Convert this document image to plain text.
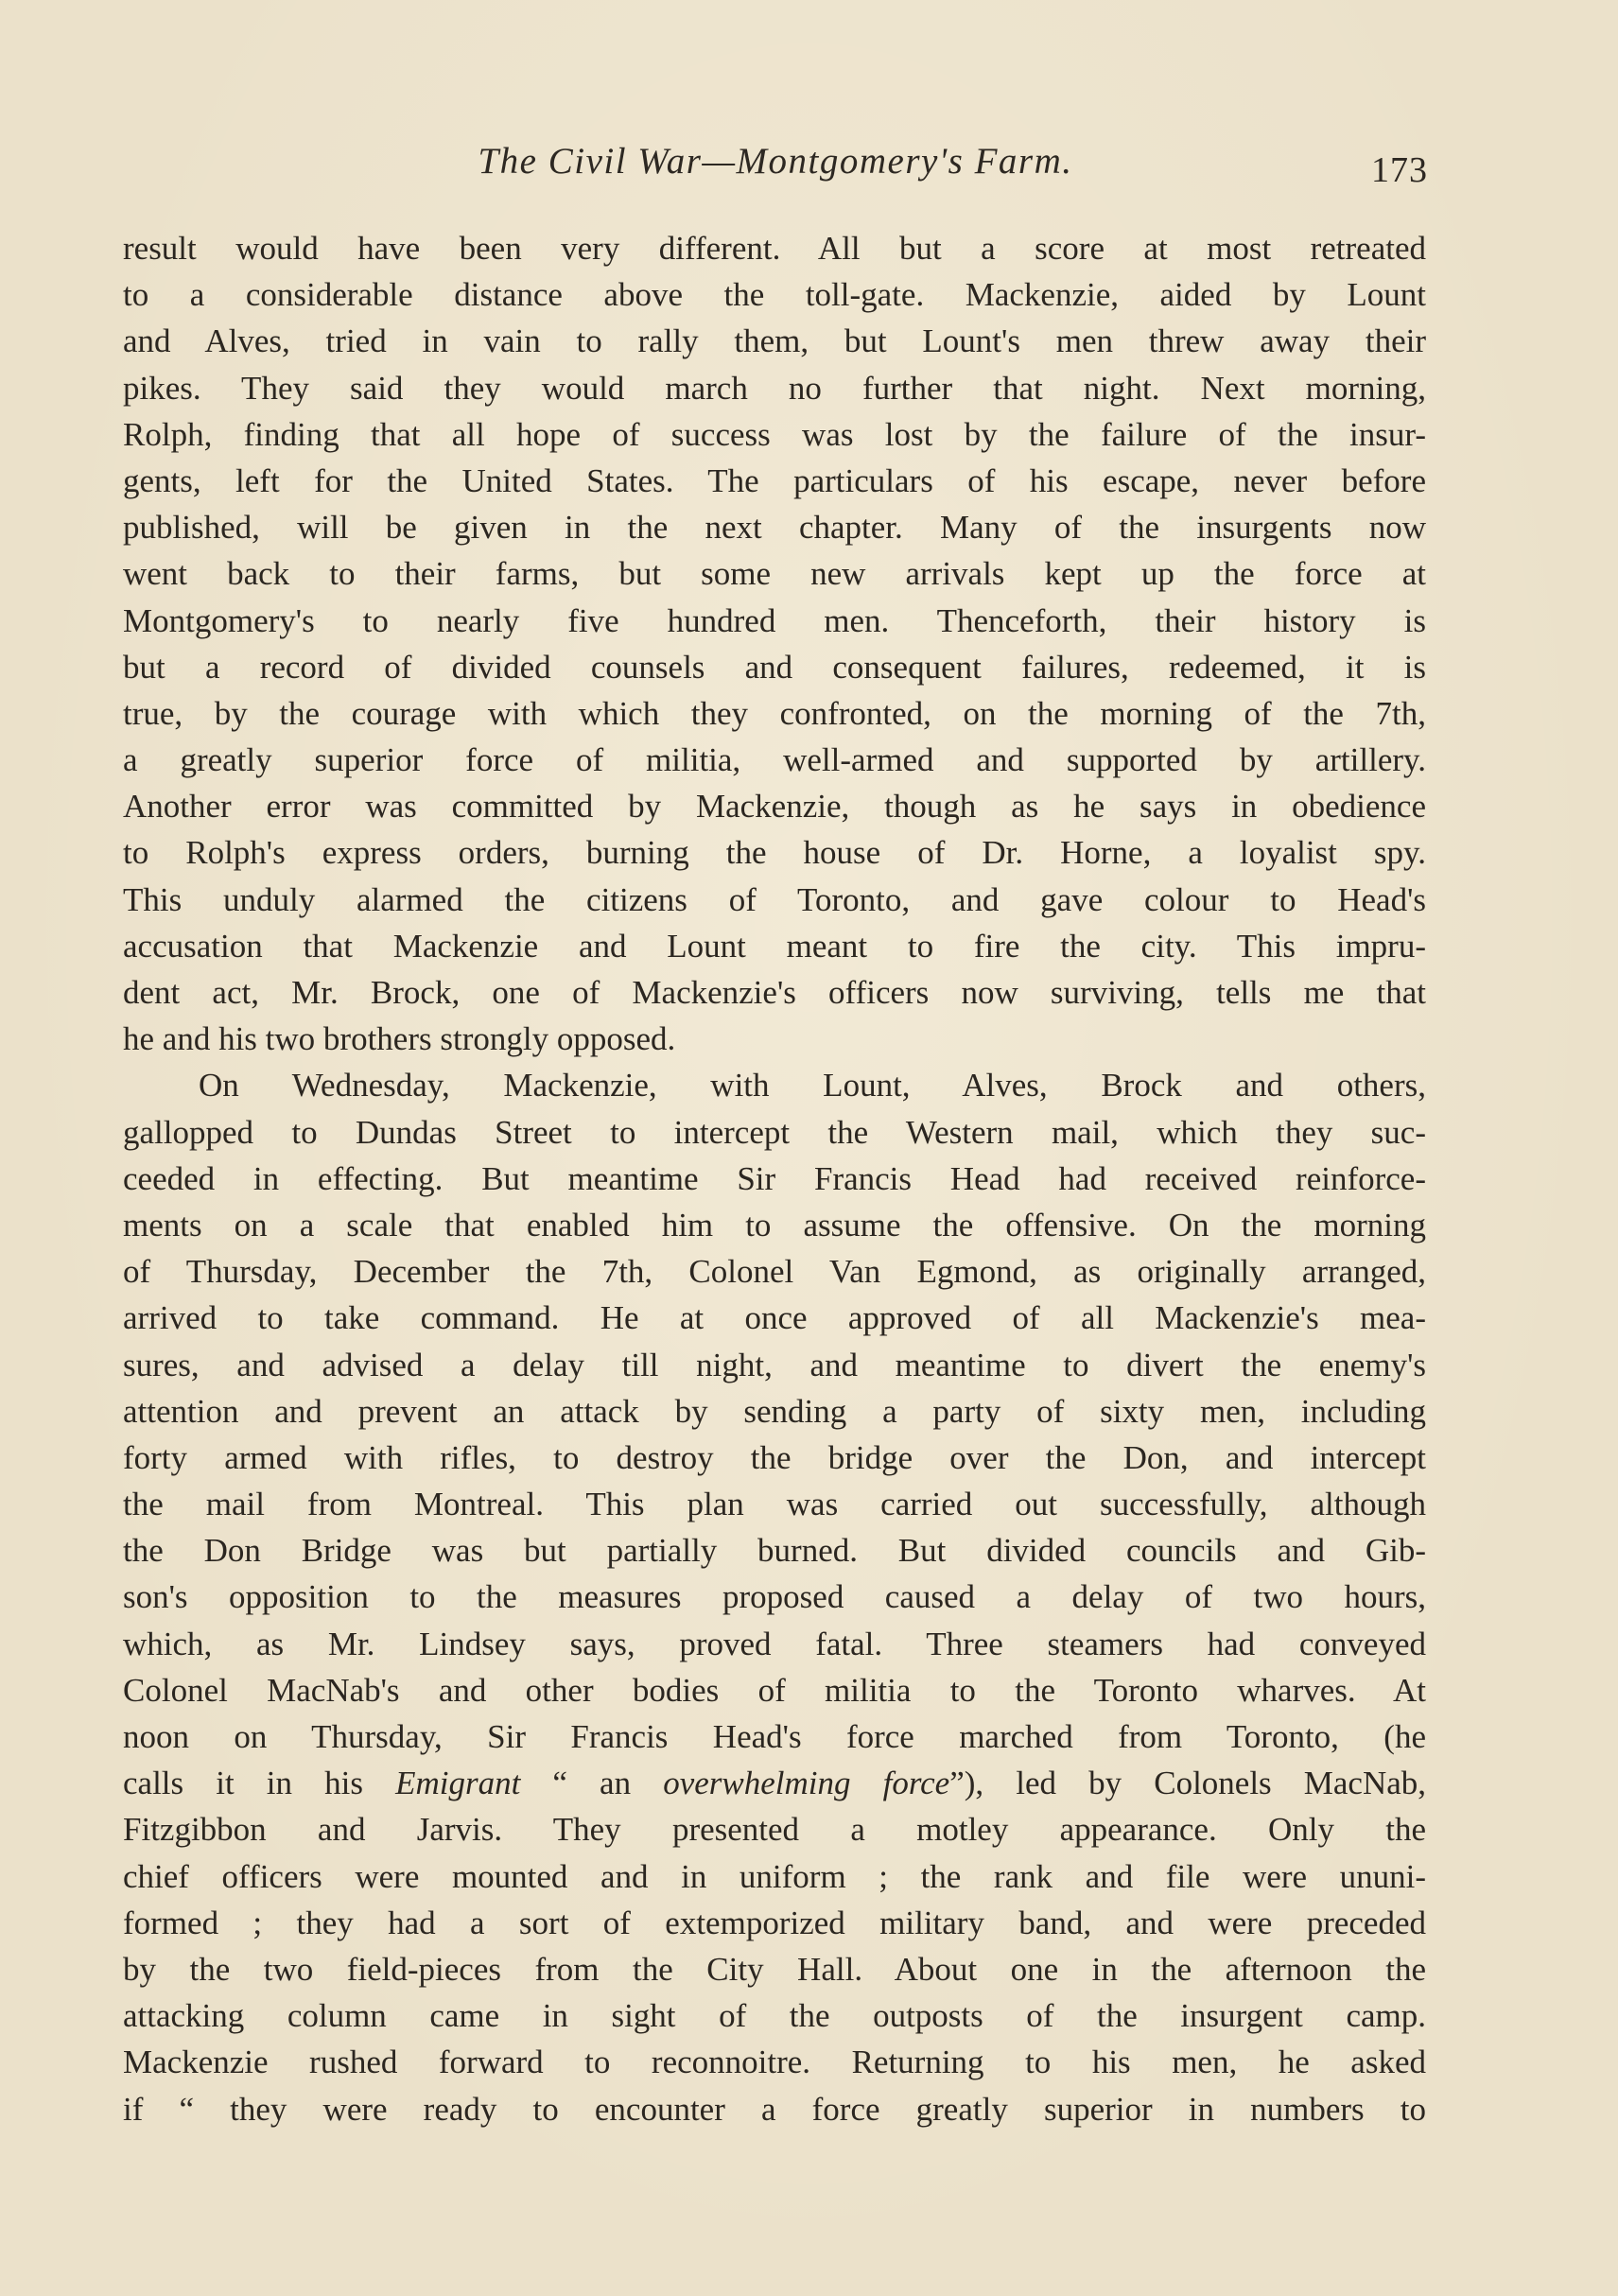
The Civil War—Montgomery's Farm.	173
result would have been very different. All but a score at most retreated
to a considerable distance above the toll-gate. Mackenzie, aided by Lount
and Alves, tried in vain to rally them, but Lount's men threw away their
pikes. They said they would march no further that night. Next morning,
Rolph, finding that all hope of success was lost by the failure of the insur-
gents, left for the United States. The particulars of his escape, never before
published, will be given in the next chapter. Many of the insurgents now
went back to their farms, but some new arrivals kept up the force at
Montgomery's to nearly five hundred men. Thenceforth, their history is
but a record of divided counsels and consequent failures, redeemed, it is
true, by the courage with which they confronted, on the morning of the 7th,
a greatly superior force of militia, well-armed and supported by artillery.
Another error was committed by Mackenzie, though as he says in obedience
to Rolph's express orders, burning the house of Dr. Horne, a loyalist spy.
This unduly alarmed the citizens of Toronto, and gave colour to Head's
accusation that Mackenzie and Lount meant to fire the city. This impru-
dent act, Mr. Brock, one of Mackenzie's officers now surviving, tells me that
he and his two brothers strongly opposed.
On Wednesday, Mackenzie, with Lount, Alves, Brock and others,
gallopped to Dundas Street to intercept the Western mail, which they suc-
ceeded in effecting. But meantime Sir Francis Head had received reinforce-
ments on a scale that enabled him to assume the offensive. On the morning
of Thursday, December the 7th, Colonel Van Egmond, as originally arranged,
arrived to take command. He at once approved of all Mackenzie's mea-
sures, and advised a delay till night, and meantime to divert the enemy's
attention and prevent an attack by sending a party of sixty men, including
forty armed with rifles, to destroy the bridge over the Don, and intercept
the mail from Montreal. This plan was carried out successfully, although
the Don Bridge was but partially burned. But divided councils and Gib-
son's opposition to the measures proposed caused a delay of two hours,
which, as Mr. Lindsey says, proved fatal. Three steamers had conveyed
Colonel MacNab's and other bodies of militia to the Toronto wharves. At
noon on Thursday, Sir Francis Head's force marched from Toronto, (he
calls it in his Emigrant “ an overwhelming force”), led by Colonels MacNab,
Fitzgibbon and Jarvis. They presented a motley appearance. Only the
chief officers were mounted and in uniform ; the rank and file were ununi-
formed ; they had a sort of extemporized military band, and were preceded
by the two field-pieces from the City Hall. About one in the afternoon the
attacking column came in sight of the outposts of the insurgent camp.
Mackenzie rushed forward to reconnoitre. Returning to his men, he asked
if “ they were ready to encounter a force greatly superior in numbers to
